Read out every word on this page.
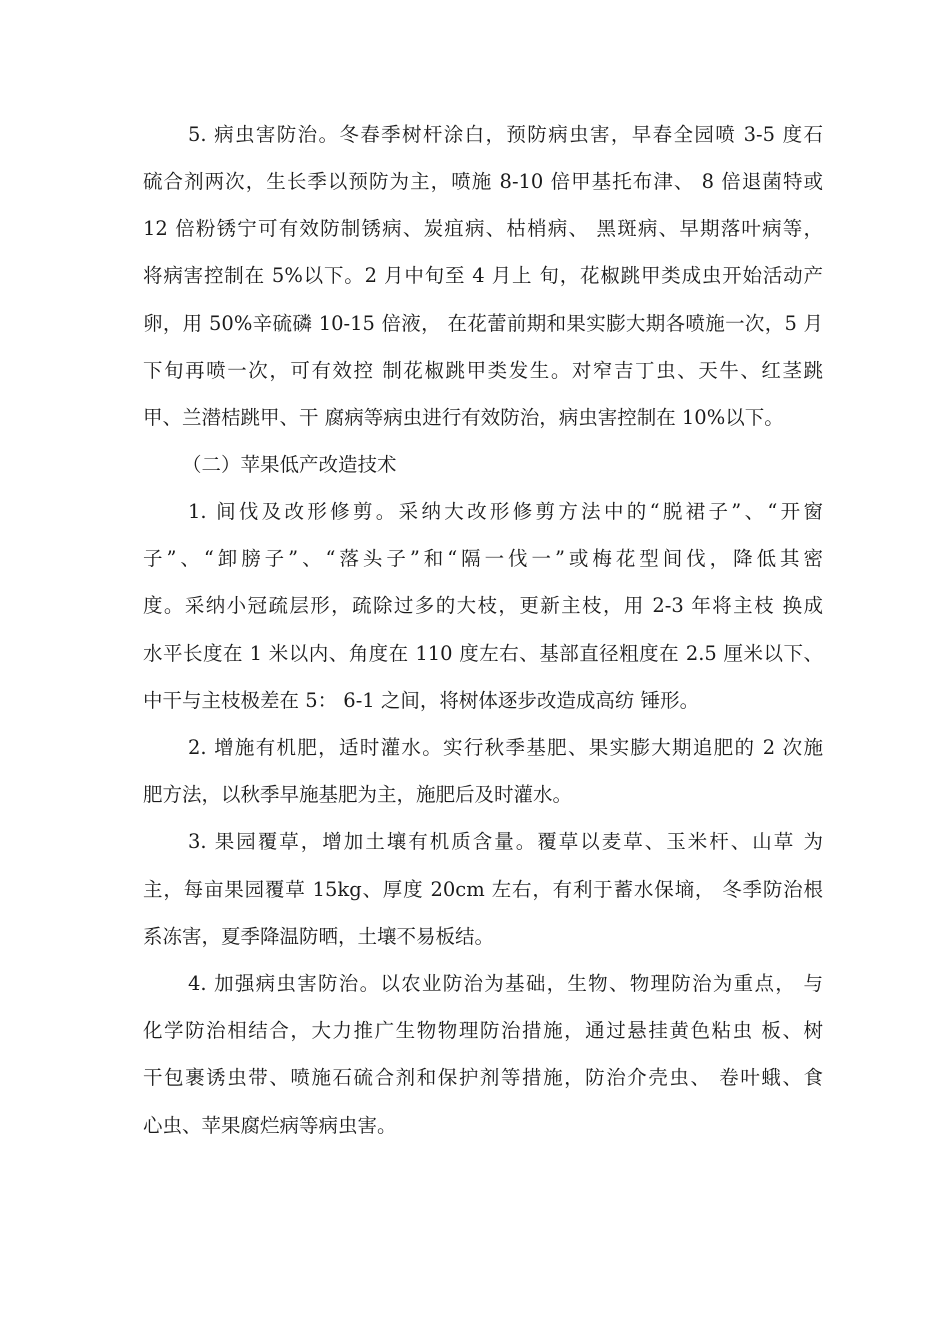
5. 病虫害防治。冬春季树杆涂白，预防病虫害，早春全园喷 3-5 度石
硫合剂两次，生长季以预防为主，喷施 8-10 倍甲基托布津、 8 倍退菌特或
12 倍粉锈宁可有效防制锈病、炭疽病、枯梢病、 黑斑病、早期落叶病等，
将病害控制在 5%以下。2 月中旬至 4 月上 旬，花椒跳甲类成虫开始活动产
卵，用 50%辛硫磷 10-15 倍液， 在花蕾前期和果实膨大期各喷施一次，5 月
下旬再喷一次，可有效控 制花椒跳甲类发生。对窄吉丁虫、天牛、红茎跳
甲、兰潜桔跳甲、干 腐病等病虫进行有效防治，病虫害控制在 10%以下。
（二）苹果低产改造技术
1. 间伐及改形修剪。采纳大改形修剪方法中的“脱裙子”、“开窗
子”、“卸膀子”、“落头子”和“隔一伐一”或梅花型间伐，降低其密
度。采纳小冠疏层形，疏除过多的大枝，更新主枝，用 2-3 年将主枝 换成
水平长度在 1 米以内、角度在 110 度左右、基部直径粗度在 2.5 厘米以下、
中干与主枝极差在 5： 6-1 之间，将树体逐步改造成高纺 锤形。
2. 增施有机肥，适时灌水。实行秋季基肥、果实膨大期追肥的 2 次施
肥方法，以秋季早施基肥为主，施肥后及时灌水。
3. 果园覆草，增加土壤有机质含量。覆草以麦草、玉米杆、山草 为
主，每亩果园覆草 15kg、厚度 20cm 左右，有利于蓄水保墒， 冬季防治根
系冻害，夏季降温防晒，土壤不易板结。
4. 加强病虫害防治。以农业防治为基础，生物、物理防治为重点， 与
化学防治相结合，大力推广生物物理防治措施，通过悬挂黄色粘虫 板、树
干包裹诱虫带、喷施石硫合剂和保护剂等措施，防治介壳虫、 卷叶蛾、食
心虫、苹果腐烂病等病虫害。
